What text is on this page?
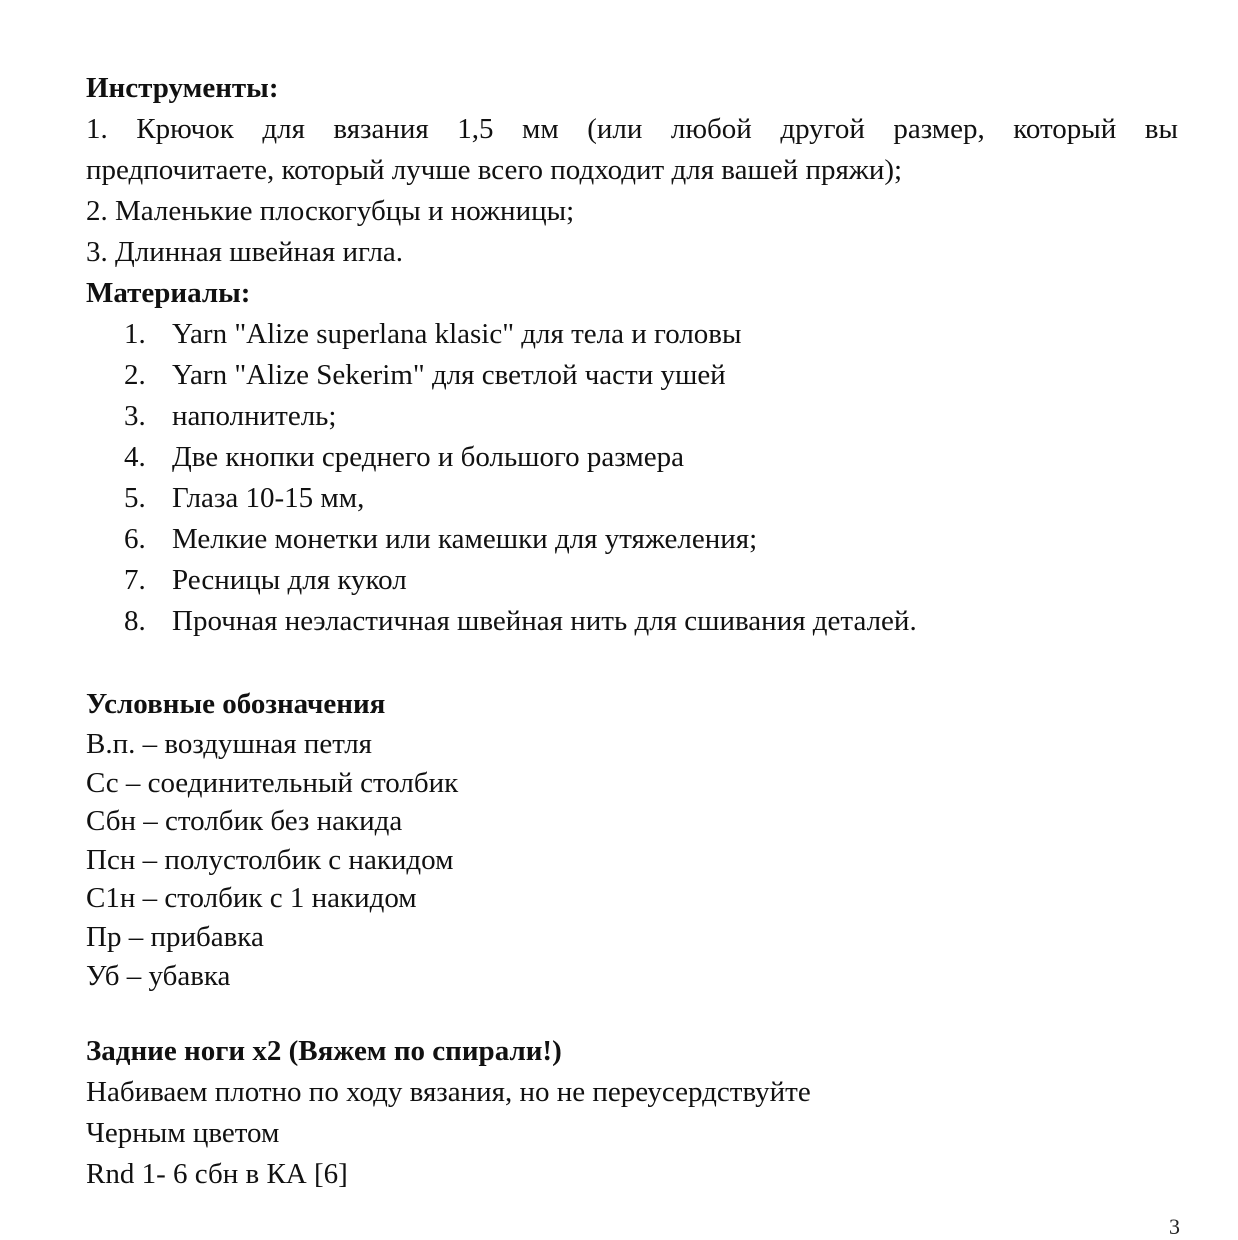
Инструменты:
1. Крючок для вязания 1,5 мм (или любой другой размер, который вы
предпочитаете, который лучше всего подходит для вашей пряжи);
2. Маленькие плоскогубцы и ножницы;
3. Длинная швейная игла.
Материалы:
1. Yarn "Alize superlana klasic" для тела и головы
2. Yarn "Alize Sekerim" для светлой части ушей
3. наполнитель;
4. Две кнопки среднего и большого размера
5. Глаза 10-15 мм,
6. Мелкие монетки или камешки для утяжеления;
7. Ресницы для кукол
8. Прочная неэластичная швейная нить для сшивания деталей.
Условные обозначения
В.п. – воздушная петля
Сс – соединительный столбик
Сбн – столбик без накида
Псн – полустолбик с накидом
С1н – столбик с 1 накидом
Пр – прибавка
Уб – убавка
Задние ноги x2 (Вяжем по спирали!)
Набиваем плотно по ходу вязания, но не переусердствуйте
Черным цветом
Rnd 1- 6 сбн в КА [6]
3
